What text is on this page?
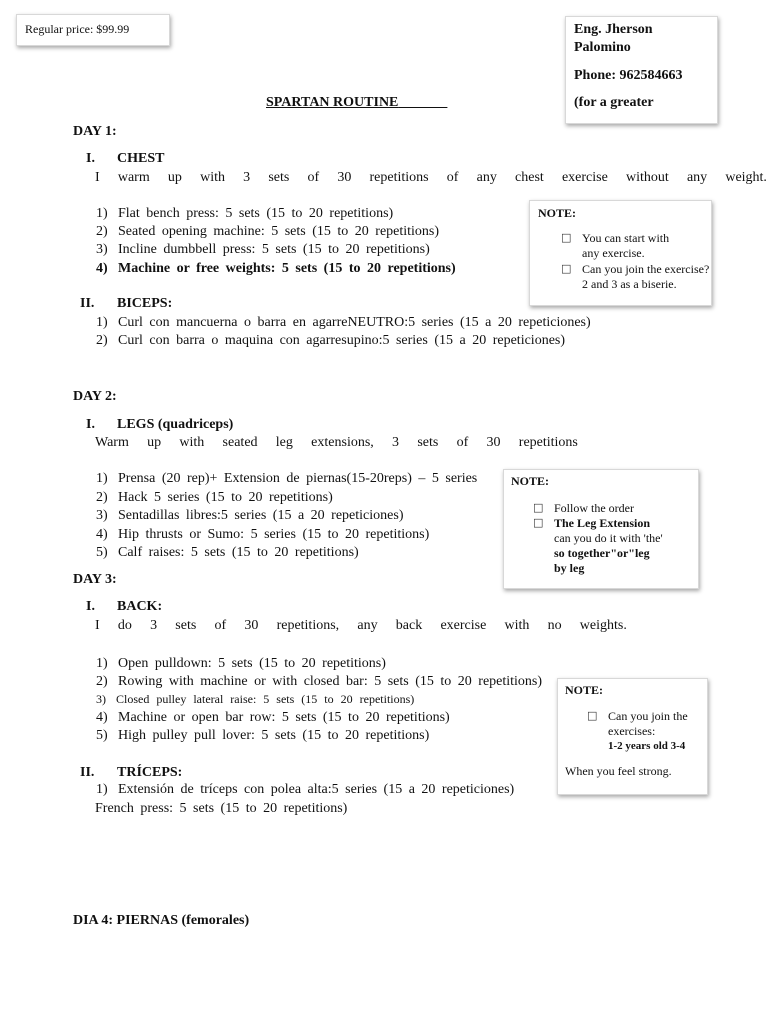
Regular price: $99.99	Eng. Jherson
Palomino
Phone: 962584663
(for a greater
SPARTAN ROUTINE
DAY 1:
I. CHEST
I warm up with 3 sets of 30 repetitions of any chest exercise without any weight.
1) Flat bench press: 5 sets (15 to 20 repetitions)
2) Seated opening machine: 5 sets (15 to 20 repetitions)
3) Incline dumbbell press: 5 sets (15 to 20 repetitions)
4) Machine or free weights: 5 sets (15 to 20 repetitions)
II. BICEPS:
1) Curl con mancuerna o barra en agarreNEUTRO:5 series (15 a 20 repeticiones)
2) Curl con barra o maquina con agarresupino:5 series (15 a 20 repeticiones)
NOTE:
□ You can start with
any exercise.
□ Can you join the exercise?
2 and 3 as a biserie.
DAY 2:
I. LEGS (quadriceps)
Warm up with seated leg extensions, 3 sets of 30 repetitions
1) Prensa (20 rep)+ Extension de piernas(15-20reps) – 5 series
2) Hack 5 series (15 to 20 repetitions)
3) Sentadillas libres:5 series (15 a 20 repeticiones)
4) Hip thrusts or Sumo: 5 series (15 to 20 repetitions)
5) Calf raises: 5 sets (15 to 20 repetitions)
NOTE:
□ Follow the order
□ The Leg Extension
can you do it with 'the'
so together"or"leg
by leg
DAY 3:
I. BACK:
I do 3 sets of 30 repetitions, any back exercise with no weights.
1) Open pulldown: 5 sets (15 to 20 repetitions)
2) Rowing with machine or with closed bar: 5 sets (15 to 20 repetitions)
3) Closed pulley lateral raise: 5 sets (15 to 20 repetitions)
4) Machine or open bar row: 5 sets (15 to 20 repetitions)
5) High pulley pull lover: 5 sets (15 to 20 repetitions)
II. TRÍCEPS:
1) Extensión de tríceps con polea alta:5 series (15 a 20 repeticiones)
French press: 5 sets (15 to 20 repetitions)
NOTE:
□ Can you join the
exercises:
1-2 years old 3-4
When you feel strong.
DIA 4: PIERNAS (femorales)
